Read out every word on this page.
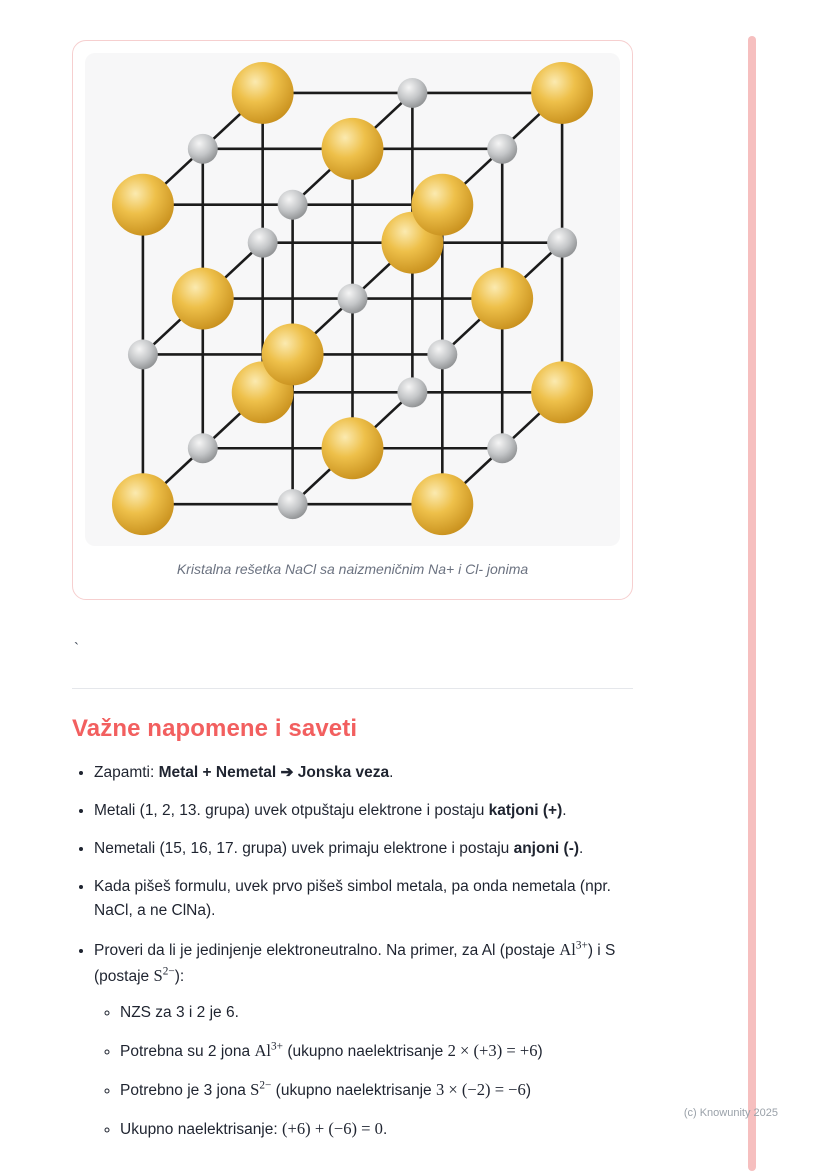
Kristalna rešetka NaCl sa naizmeničnim Na+ i Cl- jonima
`
Važne napomene i saveti
• Zapamti: Metal + Nemetal ➔ Jonska veza.
• Metali (1, 2, 13. grupa) uvek otpuštaju elektrone i postaju katjoni (+).
• Nemetali (15, 16, 17. grupa) uvek primaju elektrone i postaju anjoni (-).
• Kada pišeš formulu, uvek prvo pišeš simbol metala, pa onda nemetala (npr. NaCl, a ne ClNa).
• Proveri da li je jedinjenje elektroneutralno. Na primer, za Al (postaje $Al^{3+}$) i S (postaje $S^{2-}$):
◦ NZS za 3 i 2 je 6.
◦ Potrebna su 2 jona $Al^{3+}$ (ukupno naelektrisanje 2 × (+3) = +6)
◦ Potrebno je 3 jona $S^{2-}$ (ukupno naelektrisanje 3 × (−2) = −6)
◦ Ukupno naelektrisanje: (+6) + (−6) = 0.
(c) Knowunity 2025
